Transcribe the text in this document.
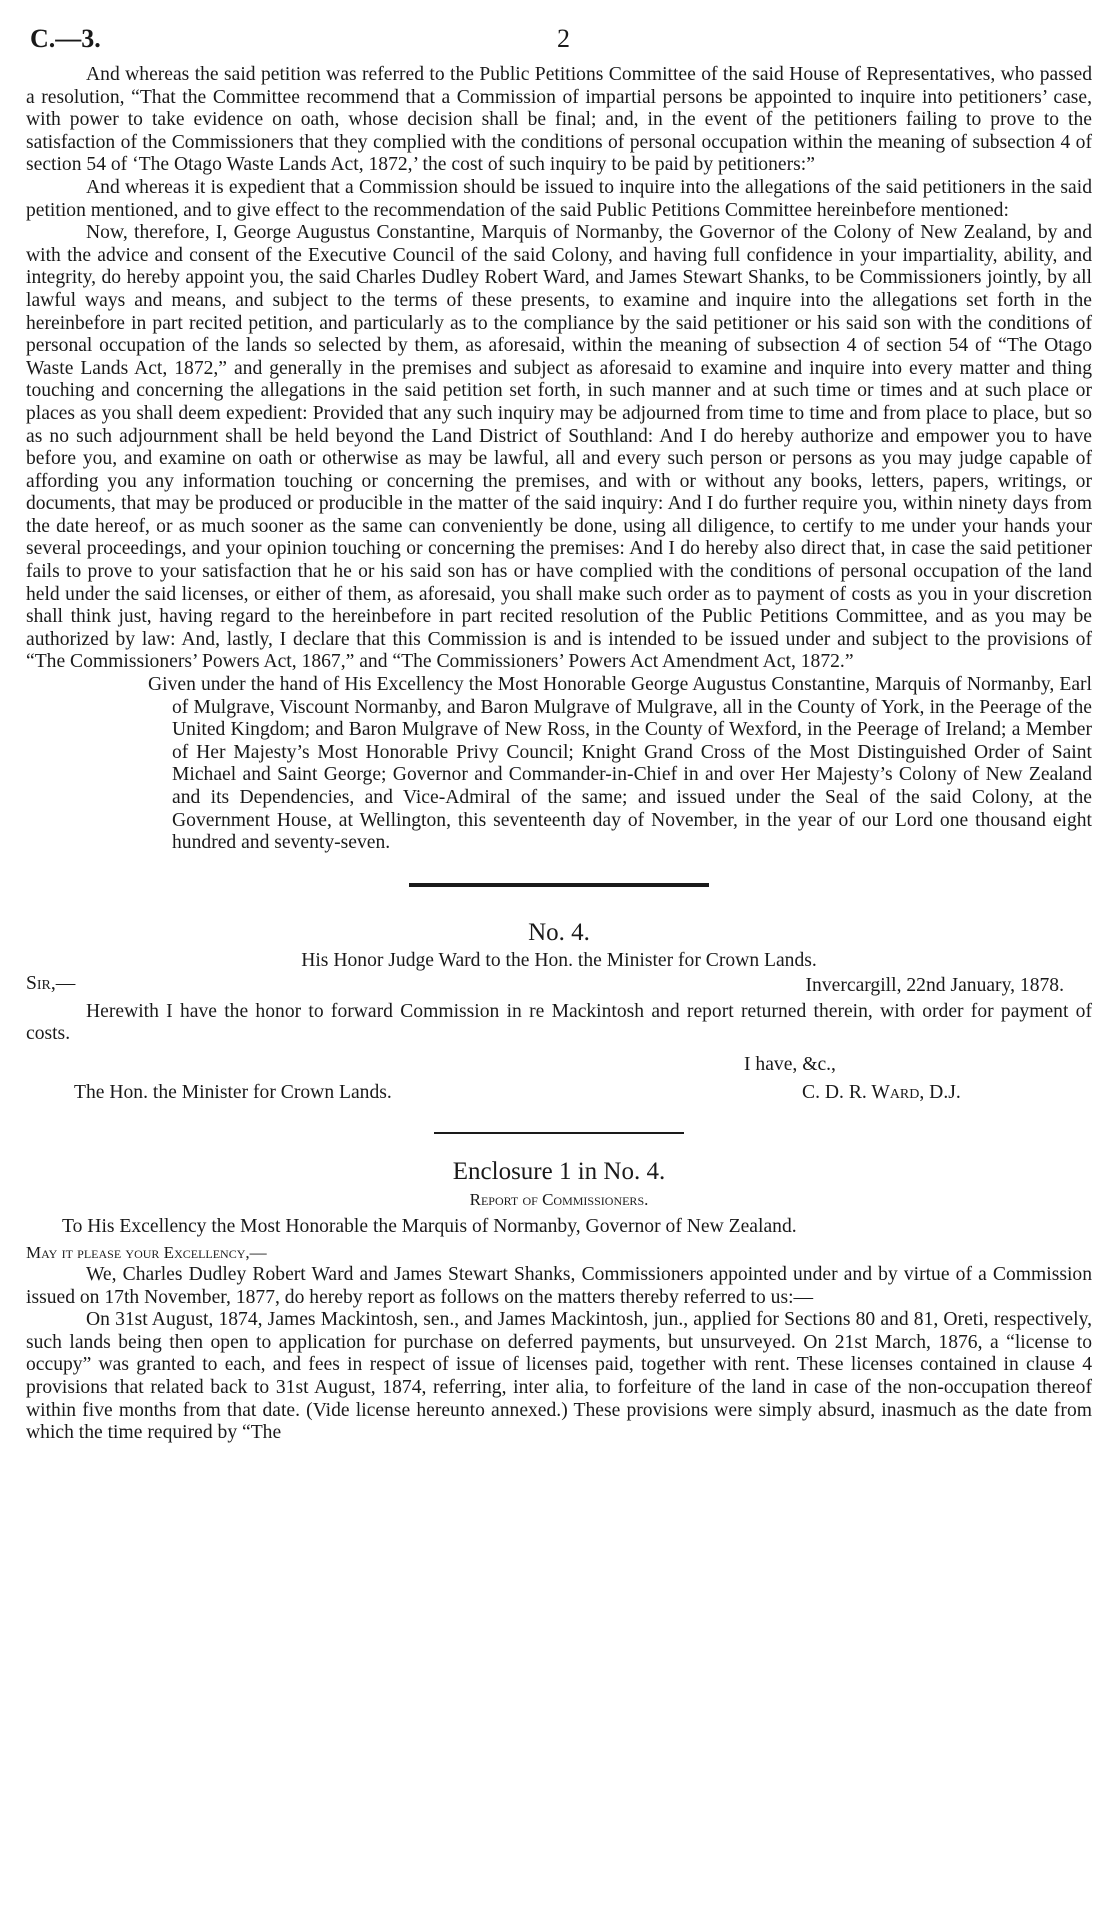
C.—3.	2

And whereas the said petition was referred to the Public Petitions Committee of the said House of Representatives, who passed a resolution, “That the Committee recommend that a Commission of impartial persons be appointed to inquire into petitioners’ case, with power to take evidence on oath, whose decision shall be final; and, in the event of the petitioners failing to prove to the satisfaction of the Commissioners that they complied with the conditions of personal occupation within the meaning of subsection 4 of section 54 of ‘The Otago Waste Lands Act, 1872,’ the cost of such inquiry to be paid by petitioners:”

And whereas it is expedient that a Commission should be issued to inquire into the allegations of the said petitioners in the said petition mentioned, and to give effect to the recommendation of the said Public Petitions Committee hereinbefore mentioned:

Now, therefore, I, George Augustus Constantine, Marquis of Normanby, the Governor of the Colony of New Zealand, by and with the advice and consent of the Executive Council of the said Colony, and having full confidence in your impartiality, ability, and integrity, do hereby appoint you, the said Charles Dudley Robert Ward, and James Stewart Shanks, to be Commissioners jointly, by all lawful ways and means, and subject to the terms of these presents, to examine and inquire into the allegations set forth in the hereinbefore in part recited petition, and particularly as to the compliance by the said petitioner or his said son with the conditions of personal occupation of the lands so selected by them, as aforesaid, within the meaning of subsection 4 of section 54 of “The Otago Waste Lands Act, 1872,” and generally in the premises and subject as aforesaid to examine and inquire into every matter and thing touching and concerning the allegations in the said petition set forth, in such manner and at such time or times and at such place or places as you shall deem expedient: Provided that any such inquiry may be adjourned from time to time and from place to place, but so as no such adjournment shall be held beyond the Land District of Southland: And I do hereby authorize and empower you to have before you, and examine on oath or otherwise as may be lawful, all and every such person or persons as you may judge capable of affording you any information touching or concerning the premises, and with or without any books, letters, papers, writings, or documents, that may be produced or producible in the matter of the said inquiry: And I do further require you, within ninety days from the date hereof, or as much sooner as the same can conveniently be done, using all diligence, to certify to me under your hands your several proceedings, and your opinion touching or concerning the premises: And I do hereby also direct that, in case the said petitioner fails to prove to your satisfaction that he or his said son has or have complied with the conditions of personal occupation of the land held under the said licenses, or either of them, as aforesaid, you shall make such order as to payment of costs as you in your discretion shall think just, having regard to the hereinbefore in part recited resolution of the Public Petitions Committee, and as you may be authorized by law: And, lastly, I declare that this Commission is and is intended to be issued under and subject to the provisions of “The Commissioners’ Powers Act, 1867,” and “The Commissioners’ Powers Act Amendment Act, 1872.”

Given under the hand of His Excellency the Most Honorable George Augustus Constantine, Marquis of Normanby, Earl of Mulgrave, Viscount Normanby, and Baron Mulgrave of Mulgrave, all in the County of York, in the Peerage of the United Kingdom; and Baron Mulgrave of New Ross, in the County of Wexford, in the Peerage of Ireland; a Member of Her Majesty’s Most Honorable Privy Council; Knight Grand Cross of the Most Distinguished Order of Saint Michael and Saint George; Governor and Commander-in-Chief in and over Her Majesty’s Colony of New Zealand and its Dependencies, and Vice-Admiral of the same; and issued under the Seal of the said Colony, at the Government House, at Wellington, this seventeenth day of November, in the year of our Lord one thousand eight hundred and seventy-seven.

No. 4.

His Honor Judge Ward to the Hon. the Minister for Crown Lands.

Sir,—	Invercargill, 22nd January, 1878.

Herewith I have the honor to forward Commission in re Mackintosh and report returned therein, with order for payment of costs.

I have, &c.,
The Hon. the Minister for Crown Lands.	C. D. R. Ward, D.J.

Enclosure 1 in No. 4.

Report of Commissioners.

To His Excellency the Most Honorable the Marquis of Normanby, Governor of New Zealand.

May it please your Excellency,—

We, Charles Dudley Robert Ward and James Stewart Shanks, Commissioners appointed under and by virtue of a Commission issued on 17th November, 1877, do hereby report as follows on the matters thereby referred to us:—

On 31st August, 1874, James Mackintosh, sen., and James Mackintosh, jun., applied for Sections 80 and 81, Oreti, respectively, such lands being then open to application for purchase on deferred payments, but unsurveyed. On 21st March, 1876, a “license to occupy” was granted to each, and fees in respect of issue of licenses paid, together with rent. These licenses contained in clause 4 provisions that related back to 31st August, 1874, referring, inter alia, to forfeiture of the land in case of the non-occupation thereof within five months from that date. (Vide license hereunto annexed.) These provisions were simply absurd, inasmuch as the date from which the time required by “The
